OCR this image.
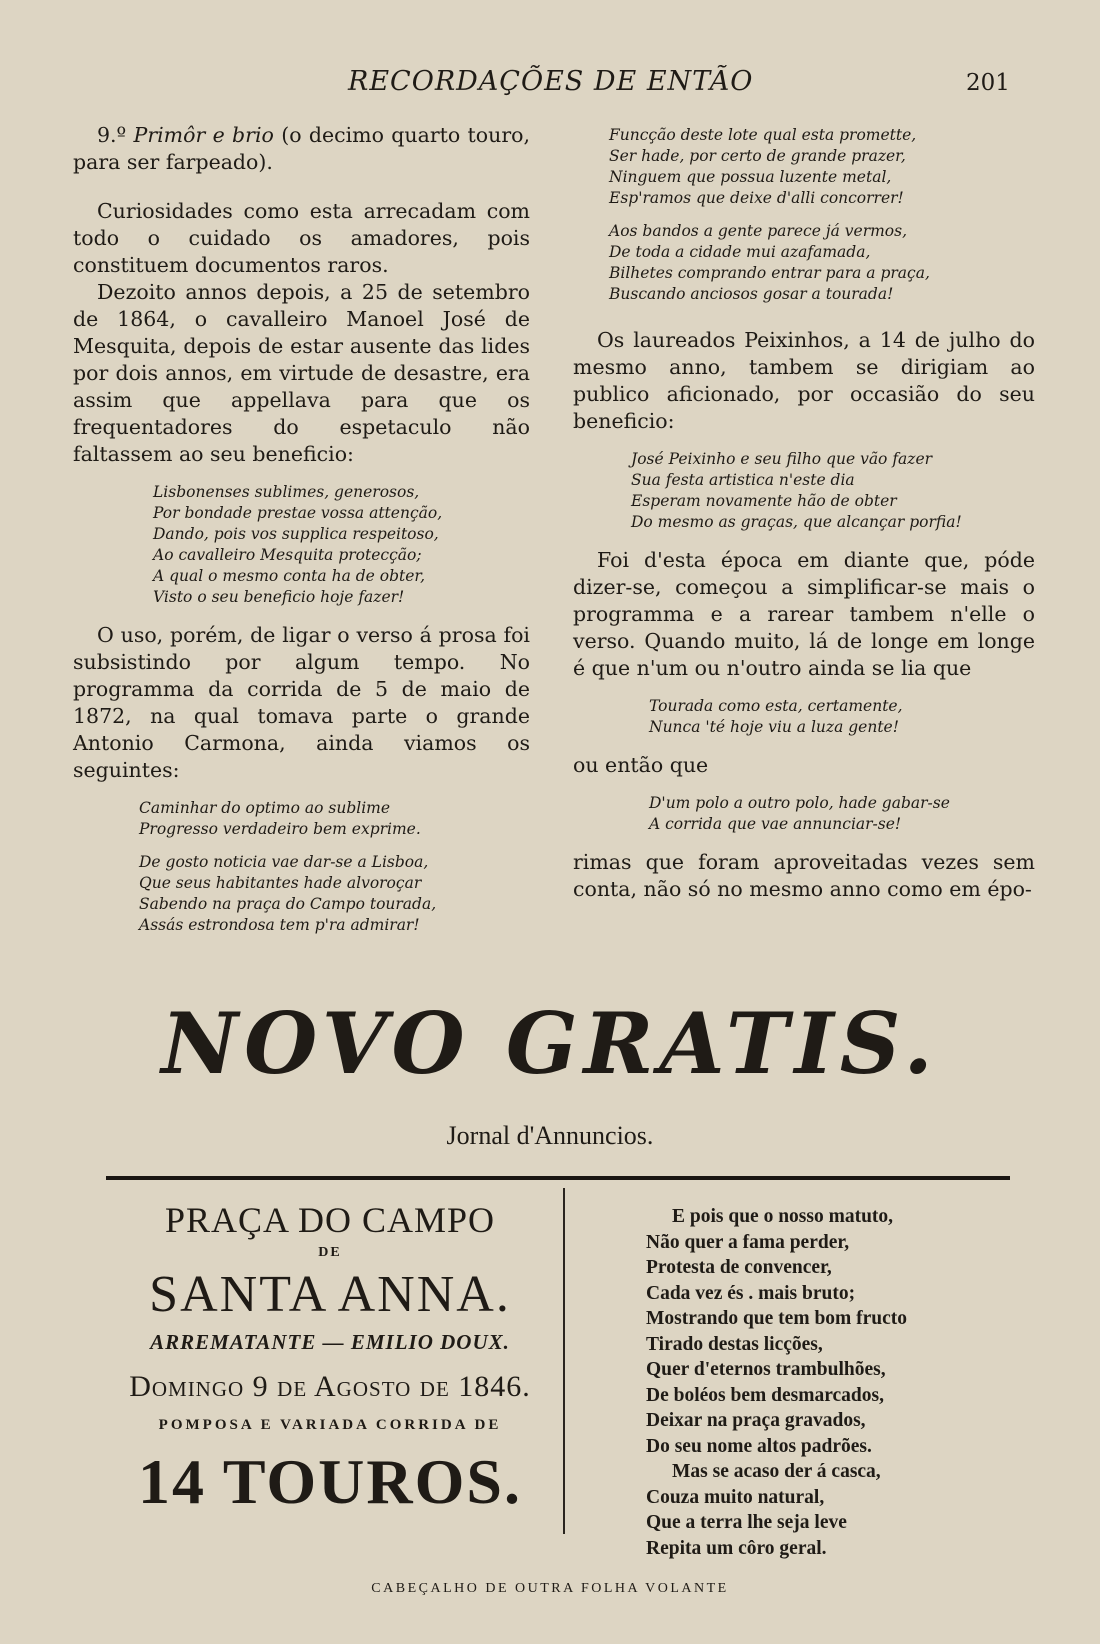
RECORDAÇÕES DE ENTÃO	201

9.º Primôr e brio (o decimo quarto touro, para ser farpeado).

Curiosidades como esta arrecadam com todo o cuidado os amadores, pois constituem documentos raros.

Dezoito annos depois, a 25 de setembro de 1864, o cavalleiro Manoel José de Mesquita, depois de estar ausente das lides por dois annos, em virtude de desastre, era assim que appellava para que os frequentadores do espetaculo não faltassem ao seu beneficio:

Lisbonenses sublimes, generosos,
Por bondade prestae vossa attenção,
Dando, pois vos supplica respeitoso,
Ao cavalleiro Mesquita protecção;
A qual o mesmo conta ha de obter,
Visto o seu beneficio hoje fazer!

O uso, porém, de ligar o verso á prosa foi subsistindo por algum tempo. No programma da corrida de 5 de maio de 1872, na qual tomava parte o grande Antonio Carmona, ainda viamos os seguintes:

Caminhar do optimo ao sublime
Progresso verdadeiro bem exprime.
De gosto noticia vae dar-se a Lisboa,
Que seus habitantes hade alvoroçar
Sabendo na praça do Campo tourada,
Assás estrondosa tem p'ra admirar!
Funcção deste lote qual esta promette,
Ser hade, por certo de grande prazer,
Ninguem que possua luzente metal,
Esp'ramos que deixe d'alli concorrer!
Aos bandos a gente parece já vermos,
De toda a cidade mui azafamada,
Bilhetes comprando entrar para a praça,
Buscando anciosos gosar a tourada!

Os laureados Peixinhos, a 14 de julho do mesmo anno, tambem se dirigiam ao publico aficionado, por occasião do seu beneficio:

José Peixinho e seu filho que vão fazer
Sua festa artistica n'este dia
Esperam novamente hão de obter
Do mesmo as graças, que alcançar porfia!

Foi d'esta época em diante que, póde dizer-se, começou a simplificar-se mais o programma e a rarear tambem n'elle o verso. Quando muito, lá de longe em longe é que n'um ou n'outro ainda se lia que

Tourada como esta, certamente,
Nunca 'té hoje viu a luza gente!

ou então que

D'um polo a outro polo, hade gabar-se
A corrida que vae annunciar-se!

rimas que foram aproveitadas vezes sem conta, não só no mesmo anno como em épo-

NOVO GRATIS.
Jornal d'Annuncios.
PRAÇA DO CAMPO
DE
SANTA ANNA.
ARREMATANTE — EMILIO DOUX.
Domingo 9 de Agosto de 1846.
POMPOSA E VARIADA CORRIDA DE
14 TOUROS.
E pois que o nosso matuto,
Não quer a fama perder,
Protesta de convencer,
Cada vez és . mais bruto;
Mostrando que tem bom fructo
Tirado destas licções,
Quer d'eternos trambulhões,
De boléos bem desmarcados,
Deixar na praça gravados,
Do seu nome altos padrões.
Mas se acaso der á casca,
Couza muito natural,
Que a terra lhe seja leve
Repita um côro geral.
CABEÇALHO DE OUTRA FOLHA VOLANTE
